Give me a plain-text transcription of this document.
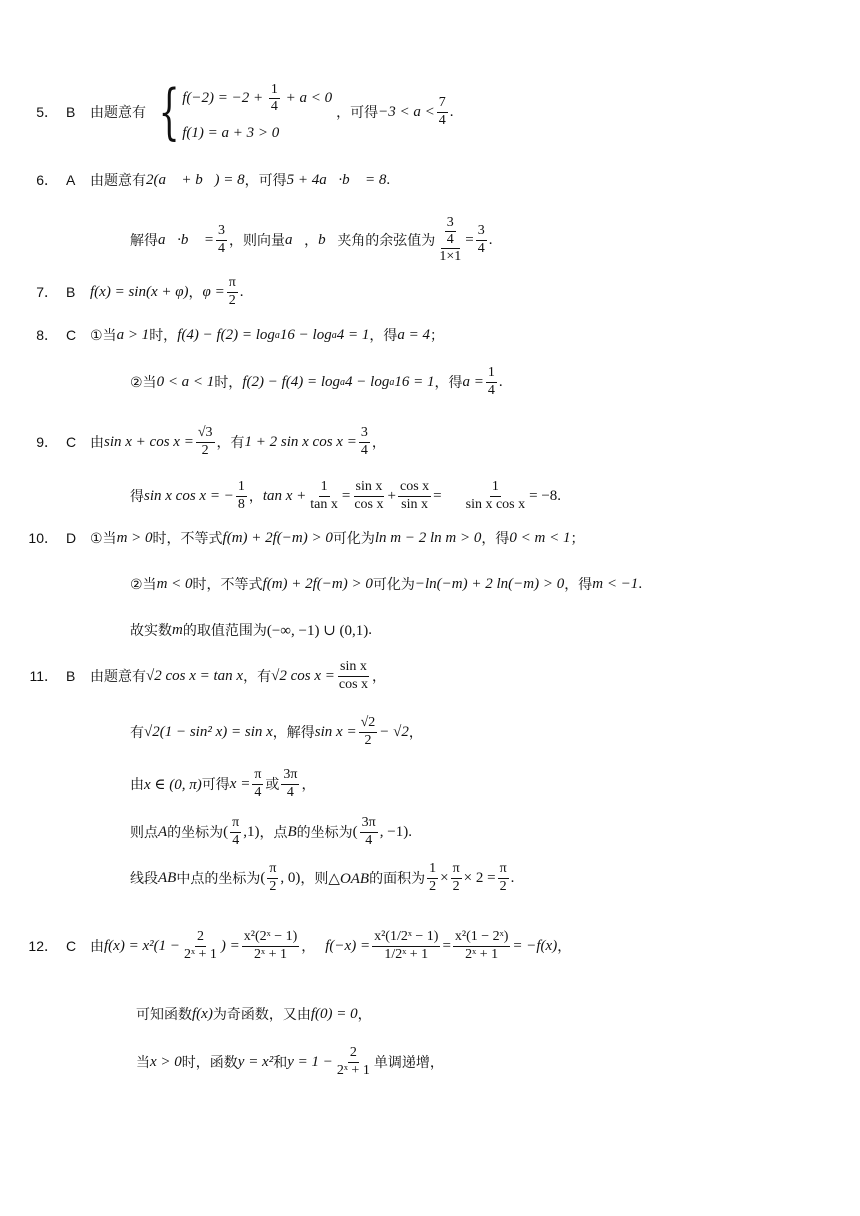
5． B	由题意有 { $f(-2) = -2 + \frac{1}{4} + a < 0$
f(1) = a + 3 > 0
，可得 $-3 < a < \frac{7}{4}$ .
6． A	由题意有 2(a⃗ + b⃗) = 8 ，可得 5 + 4a⃗·b⃗ = 8 .
解得 a⃗·b⃗ = $\frac{3}{4}$ ，则向量 a⃗ ， b⃗ 夹角的余弦值为 $\frac{\frac{3}{4}}{1\times 1} = \frac{3}{4}$ .
7． B f(x) = sin(x + φ) ， $\varphi = \frac{\pi}{2}$ .
8． C ①当 a > 1 时， f(4) − f(2) = log a 16 − log a 4 = 1 ，得 a = 4 ；
②当 0 < a < 1 时， f(2) − f(4) = log a 4 − log a 16 = 1 ，得 $a = \frac{1}{4}$ .
9． C 由 $\sin x + \cos x = \frac{√3}{2}$ ，有 1 + 2 sin x $\cos x = \frac{3}{4}$ ，
得 sin x cos x = − $\frac{1}{8}$ ， $\tan x + \frac{1}{\text{tan x}} = \frac{\text{sin x}}{\text{cos x}} + \frac{\text{cos x}}{\text{sin x}} = \frac{1}{\text{sin x cos x}} = -8$ .
10． D ①当 m > 0 时，不等式 f(m) + 2f(−m) > 0 可化为 ln m − 2 ln m > 0 ，得 0 < m < 1 ；
②当 m < 0 时，不等式 f(m) + 2f(−m) > 0 可化为 −ln(−m) + 2 ln(−m) > 0 ，得 m < −1 .
故实数 m 的取值范围为 (−∞, −1) ∪ (0,1) .
11． B	由题意有 √2 cos x = tan x ，有 √2 $\cos x = \frac{\text{sin x}}{\text{cos x}}$ ，
有 √2(1 − sin² x) = sin x ，解得 $\sin x = \frac{√2}{2} - √2$ ，
由 x ∈ (0, π) 可得 $x = \frac{\pi}{4}$ 或 $\frac{3\pi}{4}$ ，
则点 A 的坐标为 ( $\frac{\pi}{4} ,1$) ，点 B 的坐标为 ( $\frac{3\pi}{4}$ , −1) .
线段 AB 中点的坐标为 ( $\frac{\pi}{2}$ , 0) ，则 △OAB 的面积为 $\frac{1}{2} \times \frac{\pi}{2} \times 2 = \frac{\pi}{2}$ .
12． C 由 $f(x) = x^2(1 - \frac{2}{\text{2ˣ + 1}}$ ) = $\frac{\text{x²(2ˣ − 1)}}{\text{2ˣ + 1}}$ ， $f(-x) = \frac{\text{x²(1/2ˣ − 1)}}{\text{1/2ˣ + 1}} = \frac{\text{x²(1 − 2ˣ)}}{\text{2ˣ + 1}} = -f(x)$ ，
可知函数 f(x) 为奇函数，又由 f(0) = 0 ，
当 x > 0 时，函数 y = x² 和 $y = 1 - \frac{2}{\text{2ˣ + 1}}$ 单调递增，
